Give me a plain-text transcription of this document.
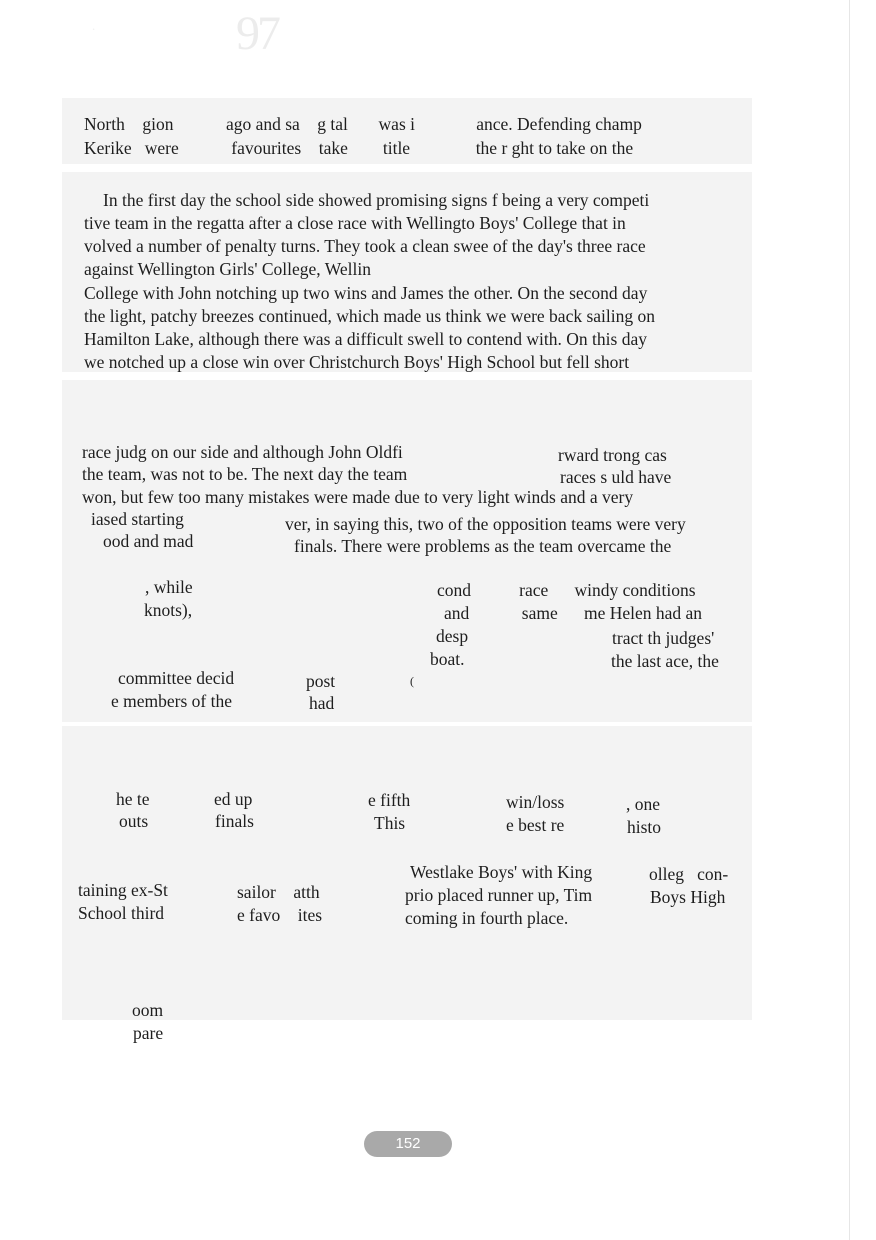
.	97
North    gion            ago and sa    g tal       was i              ance. Defending champ
Kerike   were            favourites    take        title               the r ght to take on the
In the first day the school side showed promising signs f being a very competi
tive team in the regatta after a close race with Wellingto Boys' College that in
volved a number of penalty turns. They took a clean swee of the day's three race
against Wellington Girls' College, Wellin
College with John notching up two wins and James the other. On the second day
the light, patchy breezes continued, which made us think we were back sailing on
Hamilton Lake, although there was a difficult swell to contend with. On this day
we notched up a close win over Christchurch Boys' High School but fell short
race judg on our side and although John Oldfi	rward trong cas
the team, was not to be. The next day the team	races s uld have
won, but few too many mistakes were made due to very light winds and a very
iased starting	ver, in saying this, two of the opposition teams were very
ood and mad	finals. There were problems as the team overcame the
, while	cond           race      windy conditions
knots),	and            same      me Helen had an
desp	tract th judges'
boat.	the last ace, the
committee decid	post	(
e members of the	had
he te	ed up	e fifth	win/loss	, one
outs	finals	This	e best re	histo
taining ex-St	sailor    atth
Westlake Boys' with King	olleg   con-
prio placed runner up, Tim	Boys High
School third	e favo    ites	coming in fourth place.
oom
pare
152
